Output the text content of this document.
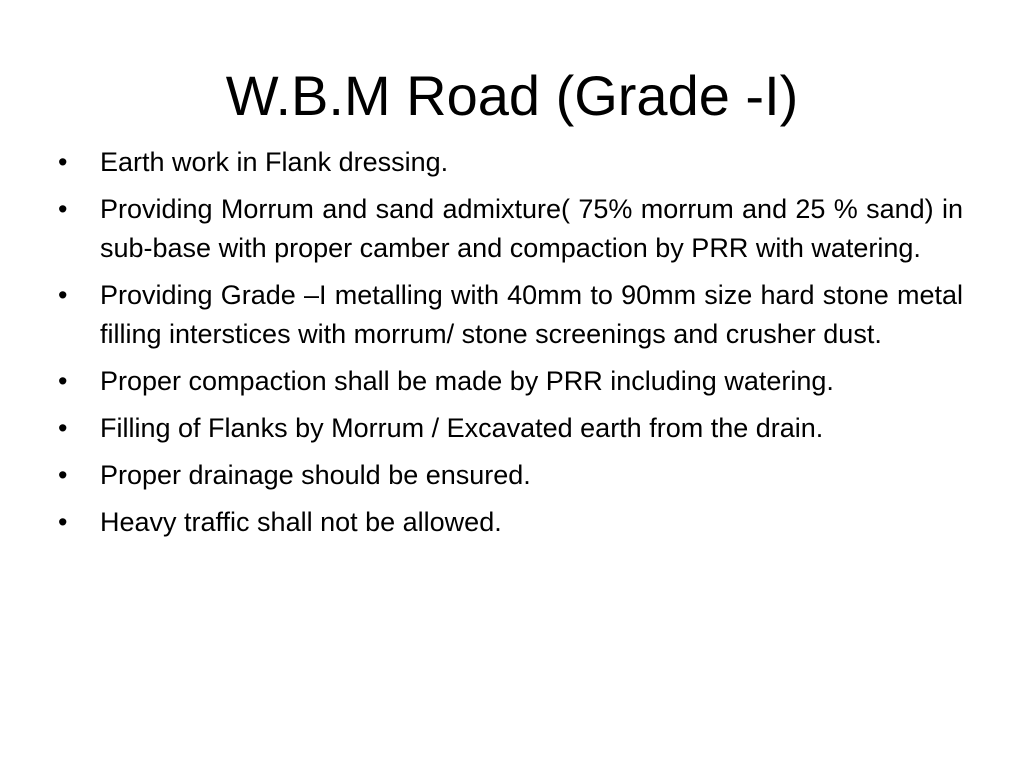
W.B.M Road (Grade -I)
•	Earth work in Flank dressing.
•	Providing Morrum and sand admixture( 75% morrum and 25 % sand) in sub-base with proper camber and compaction by PRR with watering.
•	Providing Grade –I metalling with 40mm to 90mm size hard stone metal filling interstices with morrum/ stone screenings and crusher dust.
•	Proper compaction shall be made by PRR including watering.
•	Filling of Flanks by Morrum / Excavated earth from the drain.
•	Proper drainage should be ensured.
•	Heavy traffic shall not be allowed.
